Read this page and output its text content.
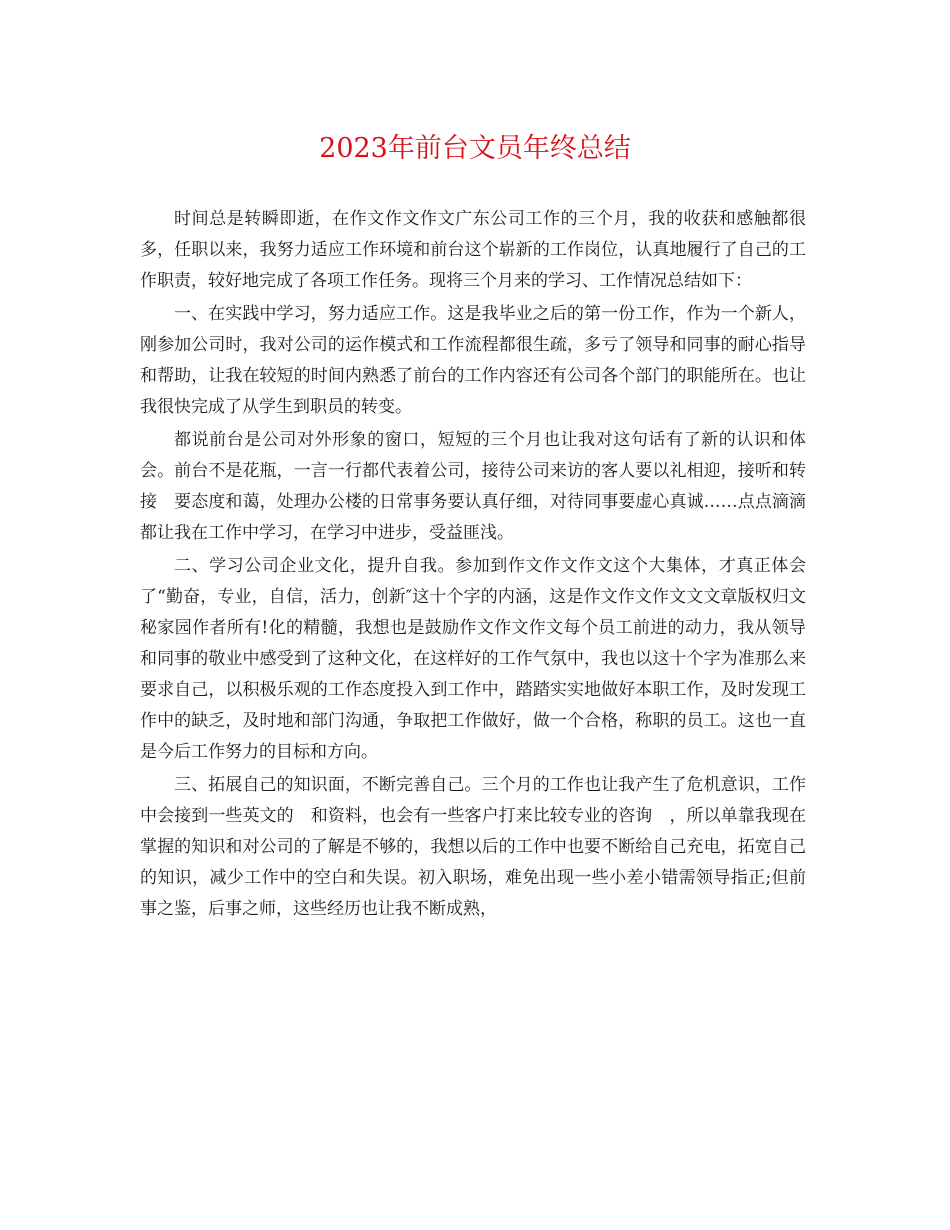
2023年前台文员年终总结

时间总是转瞬即逝，在作文作文作文广东公司工作的三个月，我的收获和感触都很多，任职以来，我努力适应工作环境和前台这个崭新的工作岗位，认真地履行了自己的工作职责，较好地完成了各项工作任务。现将三个月来的学习、工作情况总结如下：

一、在实践中学习，努力适应工作。这是我毕业之后的第一份工作，作为一个新人，刚参加公司时，我对公司的运作模式和工作流程都很生疏，多亏了领导和同事的耐心指导和帮助，让我在较短的时间内熟悉了前台的工作内容还有公司各个部门的职能所在。也让我很快完成了从学生到职员的转变。

都说前台是公司对外形象的窗口，短短的三个月也让我对这句话有了新的认识和体会。前台不是花瓶，一言一行都代表着公司，接待公司来访的客人要以礼相迎，接听和转接　要态度和蔼，处理办公楼的日常事务要认真仔细，对待同事要虚心真诚……点点滴滴都让我在工作中学习，在学习中进步，受益匪浅。

二、学习公司企业文化，提升自我。参加到作文作文作文这个大集体，才真正体会了“勤奋，专业，自信，活力，创新″这十个字的内涵，这是作文作文作文文文章版权归文秘家园作者所有!化的精髓，我想也是鼓励作文作文作文每个员工前进的动力，我从领导和同事的敬业中感受到了这种文化，在这样好的工作气氛中，我也以这十个字为准那么来要求自己，以积极乐观的工作态度投入到工作中，踏踏实实地做好本职工作，及时发现工作中的缺乏，及时地和部门沟通，争取把工作做好，做一个合格，称职的员工。这也一直是今后工作努力的目标和方向。

三、拓展自己的知识面，不断完善自己。三个月的工作也让我产生了危机意识，工作中会接到一些英文的　和资料，也会有一些客户打来比较专业的咨询　，所以单靠我现在掌握的知识和对公司的了解是不够的，我想以后的工作中也要不断给自己充电，拓宽自己的知识，减少工作中的空白和失误。初入职场，难免出现一些小差小错需领导指正;但前事之鉴，后事之师，这些经历也让我不断成熟，
